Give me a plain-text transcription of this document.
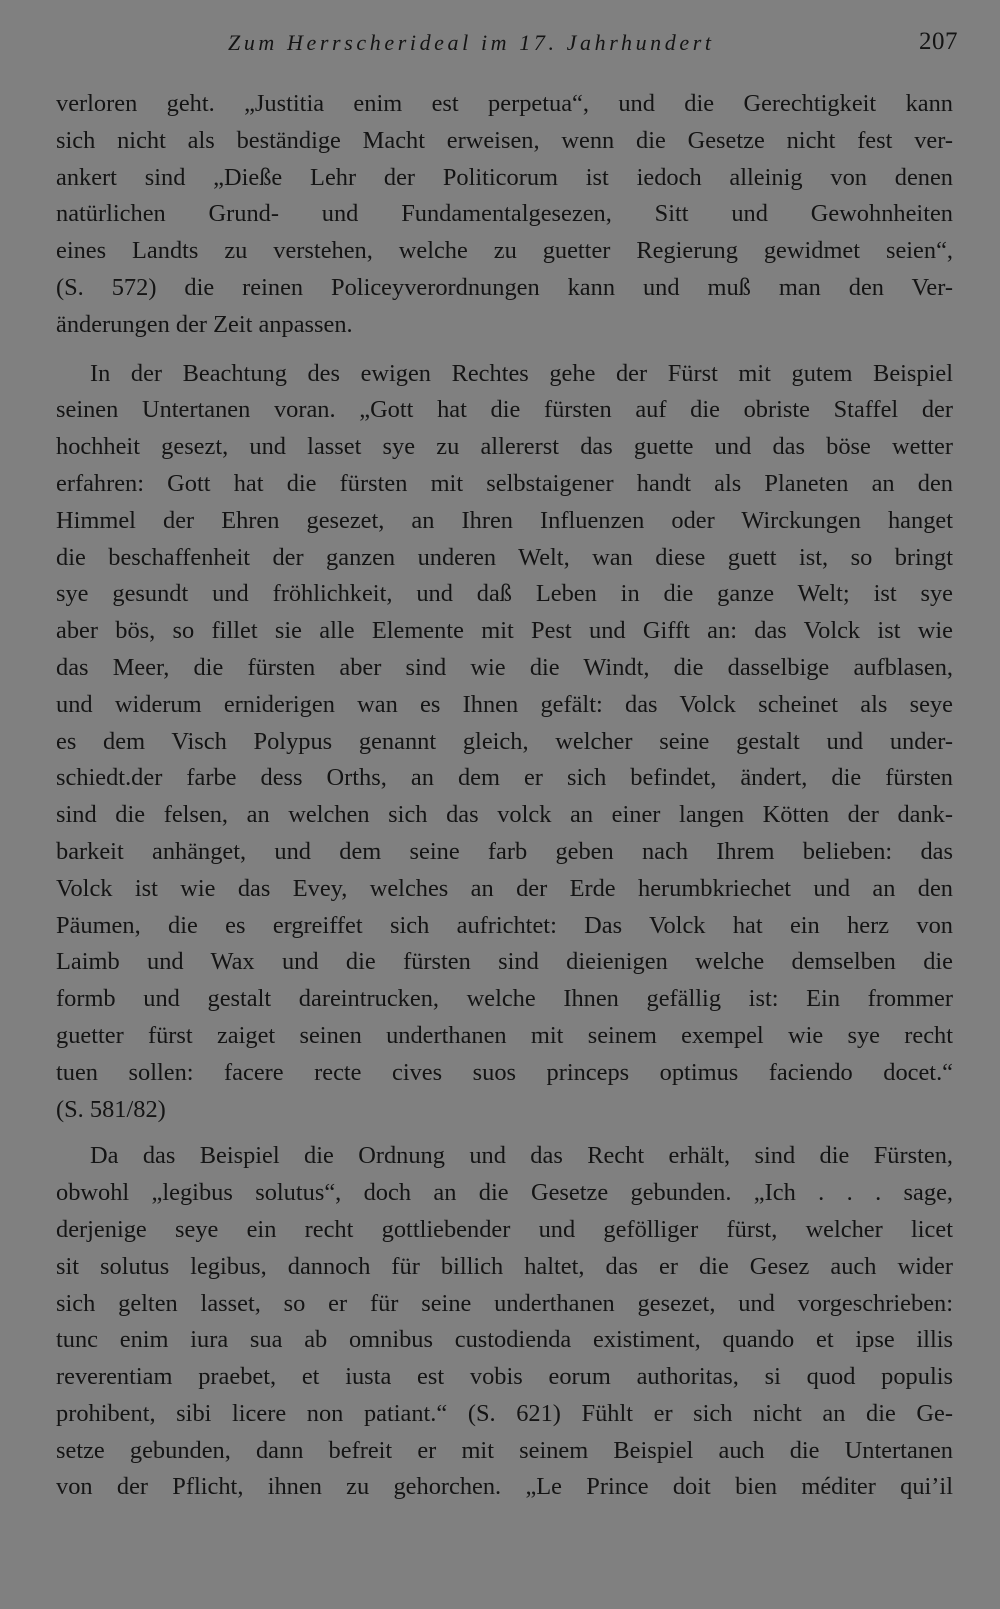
Zum Herrscherideal im 17. Jahrhundert	207

verloren geht. „Justitia enim est perpetua“, und die Gerechtigkeit kann
sich nicht als beständige Macht erweisen, wenn die Gesetze nicht fest ver-
ankert sind „Dieße Lehr der Politicorum ist iedoch alleinig von denen
natürlichen Grund- und Fundamentalgesezen, Sitt und Gewohnheiten
eines Landts zu verstehen, welche zu guetter Regierung gewidmet seien“,
(S. 572) die reinen Policeyverordnungen kann und muß man den Ver-
änderungen der Zeit anpassen.

In der Beachtung des ewigen Rechtes gehe der Fürst mit gutem Beispiel
seinen Untertanen voran. „Gott hat die fürsten auf die obriste Staffel der
hochheit gesezt, und lasset sye zu allererst das guette und das böse wetter
erfahren: Gott hat die fürsten mit selbstaigener handt als Planeten an den
Himmel der Ehren gesezet, an Ihren Influenzen oder Wirckungen hanget
die beschaffenheit der ganzen underen Welt, wan diese guett ist, so bringt
sye gesundt und fröhlichkeit, und daß Leben in die ganze Welt; ist sye
aber bös, so fillet sie alle Elemente mit Pest und Gifft an: das Volck ist wie
das Meer, die fürsten aber sind wie die Windt, die dasselbige aufblasen,
und widerum erniderigen wan es Ihnen gefält: das Volck scheinet als seye
es dem Visch Polypus genannt gleich, welcher seine gestalt und under-
schiedt.der farbe dess Orths, an dem er sich befindet, ändert, die fürsten
sind die felsen, an welchen sich das volck an einer langen Kötten der dank-
barkeit anhänget, und dem seine farb geben nach Ihrem belieben: das
Volck ist wie das Evey, welches an der Erde herumbkriechet und an den
Päumen, die es ergreiffet sich aufrichtet: Das Volck hat ein herz von
Laimb und Wax und die fürsten sind dieienigen welche demselben die
formb und gestalt dareintrucken, welche Ihnen gefällig ist: Ein frommer
guetter fürst zaiget seinen underthanen mit seinem exempel wie sye recht
tuen sollen: facere recte cives suos princeps optimus faciendo docet.“
(S. 581/82)

Da das Beispiel die Ordnung und das Recht erhält, sind die Fürsten,
obwohl „legibus solutus“, doch an die Gesetze gebunden. „Ich . . . sage,
derjenige seye ein recht gottliebender und gefölliger fürst, welcher licet
sit solutus legibus, dannoch für billich haltet, das er die Gesez auch wider
sich gelten lasset, so er für seine underthanen gesezet, und vorgeschrieben:
tunc enim iura sua ab omnibus custodienda existiment, quando et ipse illis
reverentiam praebet, et iusta est vobis eorum authoritas, si quod populis
prohibent, sibi licere non patiant.“ (S. 621) Fühlt er sich nicht an die Ge-
setze gebunden, dann befreit er mit seinem Beispiel auch die Untertanen
von der Pflicht, ihnen zu gehorchen. „Le Prince doit bien méditer qui’il
